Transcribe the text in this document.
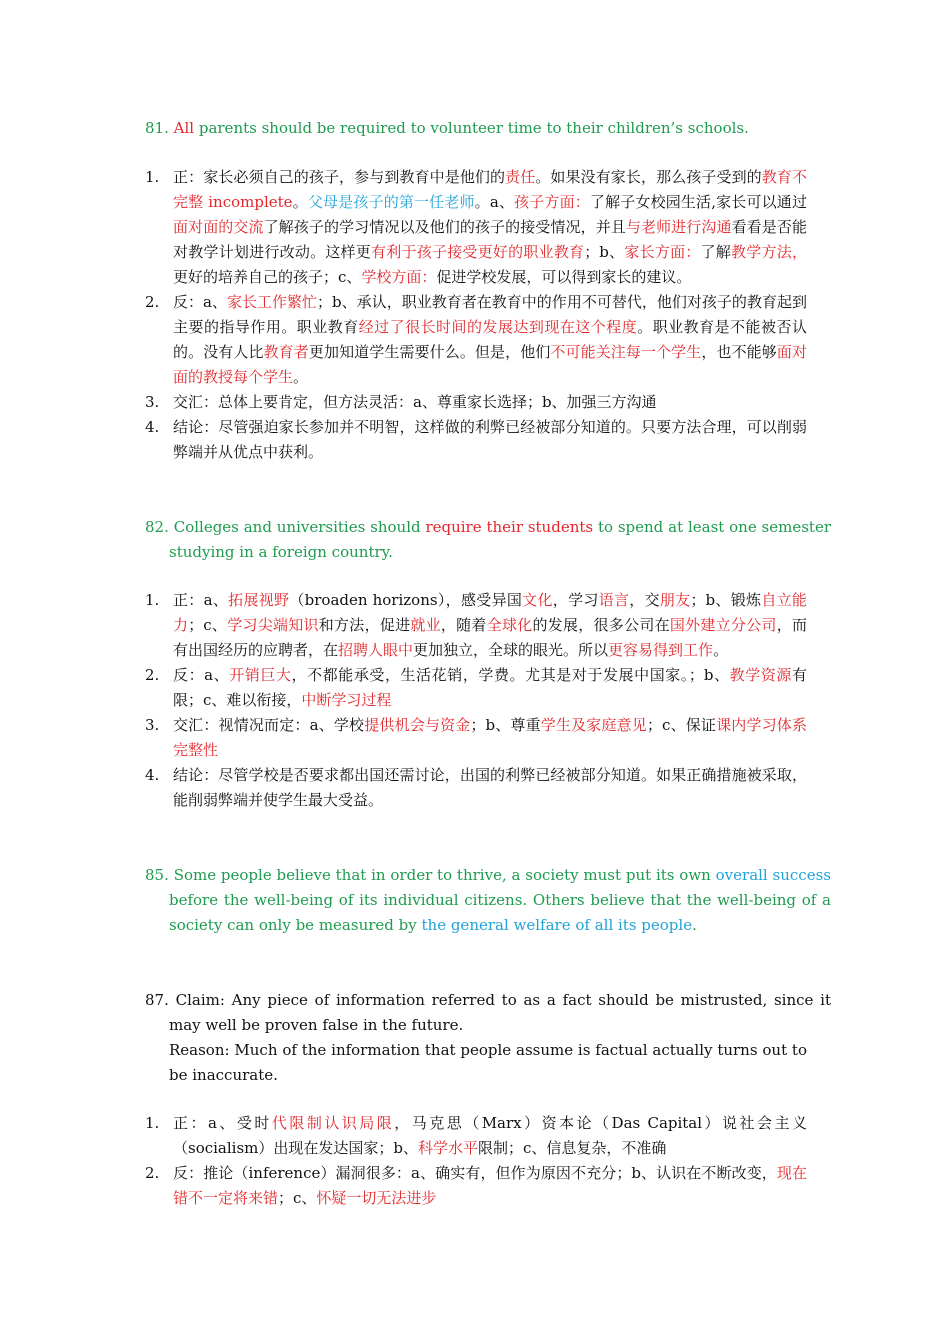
81. All parents should be required to volunteer time to their children’s schools.
1. 正：家长必须自己的孩子，参与到教育中是他们的责任。如果没有家长，那么孩子受到的教育不完整 incomplete。父母是孩子的第一任老师。a、孩子方面：了解子女校园生活,家长可以通过面对面的交流了解孩子的学习情况以及他们的孩子的接受情况，并且与老师进行沟通看看是否能对教学计划进行改动。这样更有利于孩子接受更好的职业教育；b、家长方面：了解教学方法，更好的培养自己的孩子；c、学校方面：促进学校发展，可以得到家长的建议。
2. 反：a、家长工作繁忙；b、承认，职业教育者在教育中的作用不可替代，他们对孩子的教育起到主要的指导作用。职业教育经过了很长时间的发展达到现在这个程度。职业教育是不能被否认的。没有人比教育者更加知道学生需要什么。但是，他们不可能关注每一个学生，也不能够面对面的教授每个学生。
3. 交汇：总体上要肯定，但方法灵活：a、尊重家长选择；b、加强三方沟通
4. 结论：尽管强迫家长参加并不明智，这样做的利弊已经被部分知道的。只要方法合理，可以削弱弊端并从优点中获利。
82. Colleges and universities should require their students to spend at least one semester studying in a foreign country.
1. 正：a、拓展视野（broaden horizons），感受异国文化，学习语言，交朋友；b、锻炼自立能力；c、学习尖端知识和方法，促进就业，随着全球化的发展，很多公司在国外建立分公司，而有出国经历的应聘者，在招聘人眼中更加独立，全球的眼光。所以更容易得到工作。
2. 反：a、开销巨大，不都能承受，生活花销，学费。尤其是对于发展中国家。；b、教学资源有限；c、难以衔接，中断学习过程
3. 交汇：视情况而定：a、学校提供机会与资金；b、尊重学生及家庭意见；c、保证课内学习体系完整性
4. 结论：尽管学校是否要求都出国还需讨论，出国的利弊已经被部分知道。如果正确措施被采取，能削弱弊端并使学生最大受益。
85. Some people believe that in order to thrive, a society must put its own overall success before the well-being of its individual citizens. Others believe that the well-being of a society can only be measured by the general welfare of all its people.
87. Claim: Any piece of information referred to as a fact should be mistrusted, since it may well be proven false in the future.
Reason: Much of the information that people assume is factual actually turns out to be inaccurate.
1. 正：a、受时代限制认识局限，马克思（Marx）资本论（Das Capital）说社会主义（socialism）出现在发达国家；b、科学水平限制；c、信息复杂，不准确
2. 反：推论（inference）漏洞很多：a、确实有，但作为原因不充分；b、认识在不断改变，现在错不一定将来错；c、怀疑一切无法进步
